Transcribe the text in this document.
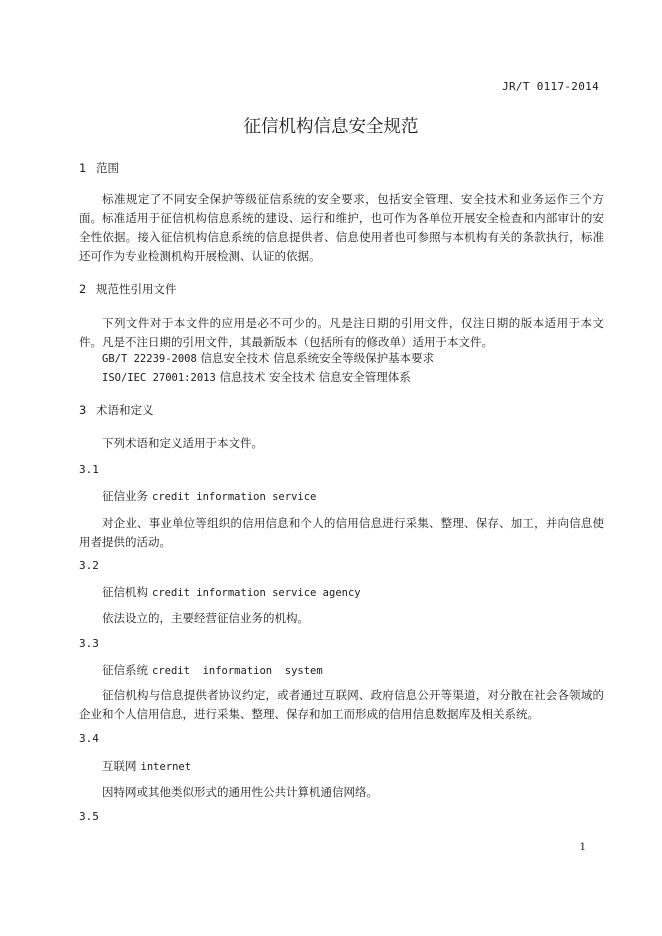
JR/T 0117-2014
征信机构信息安全规范
1 范围
标准规定了不同安全保护等级征信系统的安全要求，包括安全管理、安全技术和业务运作三个方面。 标准适用于征信机构信息系统的建设、运行和维护，也可作为各单位开展安全检查和内部审计的安全性依据。接入征信机构信息系统的信息提供者、信息使用者也可参照与本机构有关的条款执行，标准还可作为专业检测机构开展检测、认证的依据。
2 规范性引用文件
下列文件对于本文件的应用是必不可少的。凡是注日期的引用文件，仅注日期的版本适用于本文件。凡是不注日期的引用文件，其最新版本（包括所有的修改单）适用于本文件。
GB/T 22239-2008 信息安全技术 信息系统安全等级保护基本要求
ISO/IEC 27001:2013 信息技术 安全技术 信息安全管理体系
3 术语和定义
下列术语和定义适用于本文件。
3.1
征信业务 credit information service
对企业、事业单位等组织的信用信息和个人的信用信息进行采集、整理、保存、加工，并向信息使用者提供的活动。
3.2
征信机构 credit information service agency
依法设立的，主要经营征信业务的机构。
3.3
征信系统 credit  information  system
征信机构与信息提供者协议约定，或者通过互联网、政府信息公开等渠道，对分散在社会各领域的企业和个人信用信息，进行采集、整理、保存和加工而形成的信用信息数据库及相关系统。
3.4
互联网 internet
因特网或其他类似形式的通用性公共计算机通信网络。
3.5
1
